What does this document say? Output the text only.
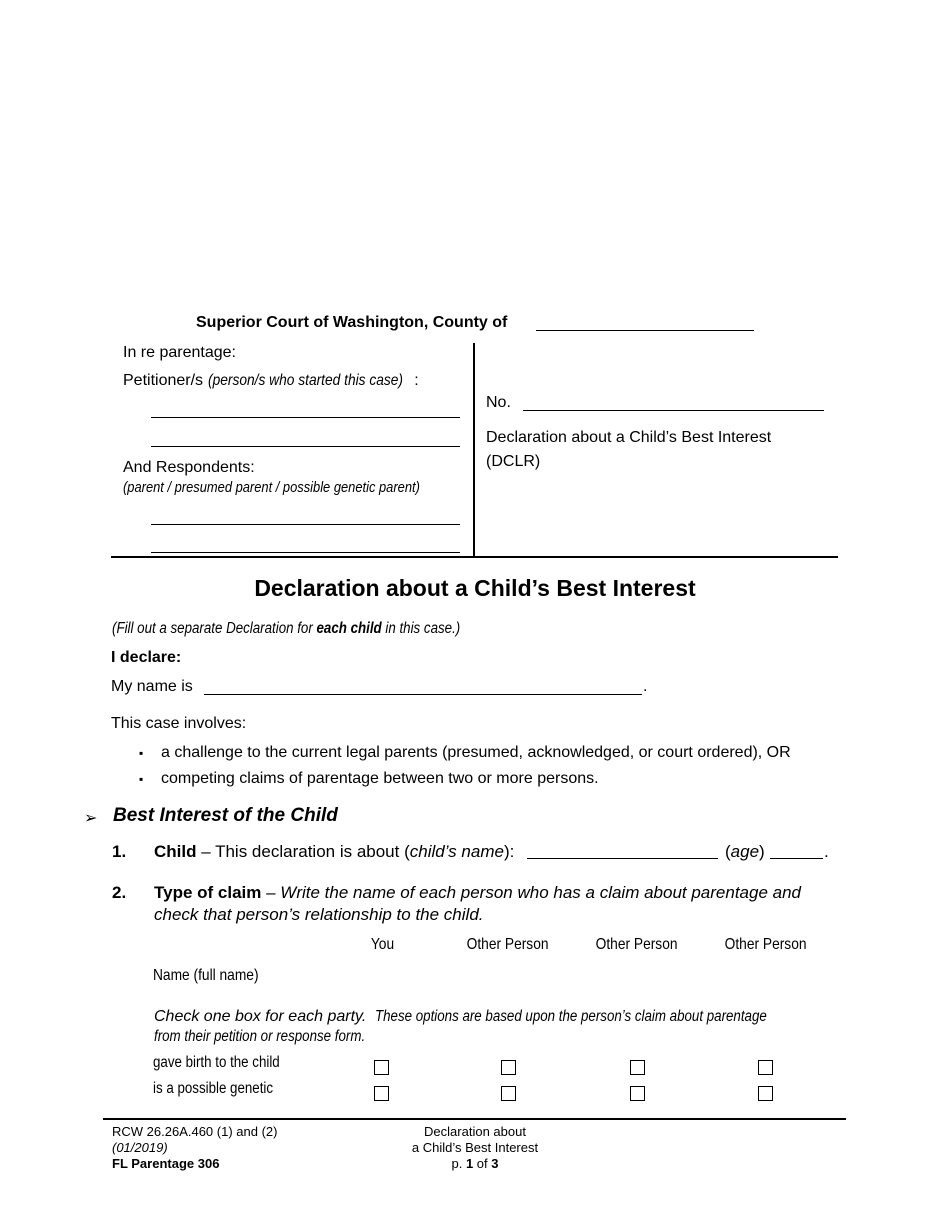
Superior Court of Washington, County of
In re parentage:
Petitioner/s (person/s who started this case) :
And Respondents:
(parent / presumed parent / possible genetic parent)
No.
Declaration about a Child’s Best Interest
(DCLR)
Declaration about a Child’s Best Interest
(Fill out a separate Declaration for each child in this case.)
I declare:
My name is	.
This case involves:
▪ a challenge to the current legal parents (presumed, acknowledged, or court ordered), OR
▪ competing claims of parentage between two or more persons.
➢ Best Interest of the Child
1. Child – This declaration is about (child’s name):	(age)	.
2. Type of claim – Write the name of each person who has a claim about parentage and
check that person’s relationship to the child.
You	Other Person	Other Person	Other Person
Name (full name)
Check one box for each party. These options are based upon the person’s claim about parentage
from their petition or response form.
gave birth to the child
is a possible genetic
RCW 26.26A.460 (1) and (2)
(01/2019)
FL Parentage 306
Declaration about
a Child’s Best Interest
p. 1 of 3
